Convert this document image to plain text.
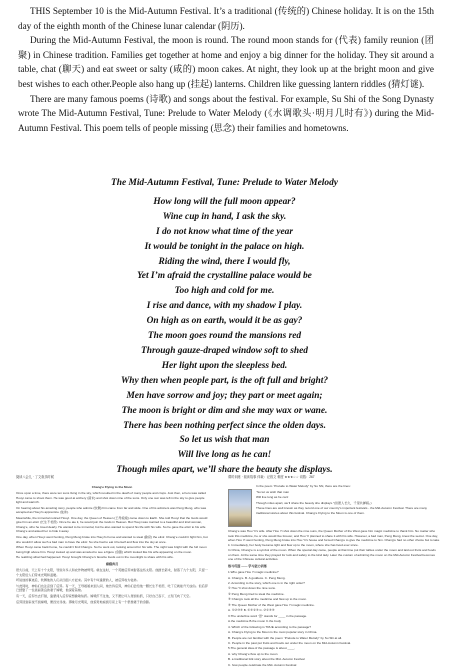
THIS September 10 is the Mid-Autumn Festival. It’s a traditional (传统的) Chinese holiday. It is on the 15th day of the eighth month of the Chinese lunar calendar (阴历).

During the Mid-Autumn Festival, the moon is round. The round moon stands for (代表) family reunion (团聚) in Chinese tradition. Families get together at home and enjoy a big dinner for the holiday. They sit around a table, chat (聊天) and eat sweet or salty (咸的) moon cakes. At night, they look up at the bright moon and give best wishes to each other.People also hang up (挂起) lanterns. Children like guessing lantern riddles (猜灯谜).

There are many famous poems (诗歌) and songs about the festival. For example, Su Shi of the Song Dynasty wrote The Mid-Autumn Festival, Tune: Prelude to Water Melody (《水调歌头·明月几时有》) during the Mid-Autumn Festival. This poem tells of people missing (思念) their families and hometowns.

The Mid-Autumn Festival, Tune: Prelude to Water Melody
How long will the full moon appear?
Wine cup in hand, I ask the sky.
I do not know what time of the year
It would be tonight in the palace on high.
Riding the wind, there I would fly,
Yet I’m afraid the crystalline palace would be
Too high and cold for me.
I rise and dance, with my shadow I play.
On high as on earth, would it be as gay?
The moon goes round the mansions red
Through gauze-draped window soft to shed
Her light upon the sleepless bed.
Why then when people part, is the oft full and bright?
Men have sorrow and joy; they part or meet again;
The moon is bright or dim and she may wax or wane.
There has been nothing perfect since the olden days.
So let us wish that man
Will live long as he can!
Though miles apart, we’ll share the beauty she displays.
阅读八会儿 · 了文欢乐时候
Chang’e Flying to the Moon

Once upon a time, there were ten suns living in the sky, which resulted in the death of many people and crops. Just then, a hero was called Houyi came to shoot them. He was good at archery (箭术) and shot down nine of the suns. Only one sun was left in the sky to give people light and warmth.

On hearing about his amazing story, people who admire (钦佩) him came from far and wide. One of his admirers was Peng Meng, who was accepted as Houyi’s apprentice (徒弟).

Meanwhile, the immortal noticed Houyi. One day, the Queen of Heaven (王母娘娘) came down to Earth. She told Houyi that the Gods would give him an elixir (长生不老药). Once he ate it, he would join the Gods in Heaven. But Houyi was married to a beautiful and kind woman, Chang’e, who he loved dearly. He wanted to be immortal, but he also wanted to spend his life with his wife. So he gave the elixir to his wife Chang’e and asked her to hide it away.

One day, when Houyi went hunting, Peng Meng broke into Houyi’s home and wanted to steal (偷窃) the elixir. Chang’e couldn’t fight him, but she wouldn’t allow such a bad man to have the elixir. So she had to eat it herself and flew into the sky at once.

When Houyi came back home, he couldn’t find Chang’e. So he went out, looking around for his wife. The night was bright with the full moon being high above him. Houyi looked up and was amazed to see a figure (身影) which looked like his wife appearing on the moon.

He realizing what had happened. Houyi brought Chang’e’s favorite foods out in the moonlight to share with his wife.

嫦娥奔月

很久以前，天上有十个太阳，导致许多人和农作物被烤死。就在这时，一个英雄后羿来射落这些太阳。他擅长箭术，射落了九个太阳，只留一个太阳给人们带来光明和温暖。

听说他的事迹后，钦佩他的人们从四面八方赶来。其中有个叫逢蒙的人，被后羿收为徒弟。

与此同时，神仙们也注意到了后羿。有一天，王母娘娘来到人间，她告诉后羿，神仙们会给他一颗长生不老药，吃了它就能升天成仙。但后羿已经娶了一位美丽善良的妻子嫦娥，他深爱着她。

有一天，后羿出去打猎，逢蒙闯入后羿家想偷取仙药。嫦娥打不过他，又不愿让坏人得到仙药，只好自己吞下，立刻飞向了天空。

后羿回到家找不到嫦娥，便四处寻找。那晚月光明亮，他惊奇地看到月亮上有一个很像妻子的身影。

课时训练 · 阅读故事 体裁：记叙文 难度 ★★★☆☆ 词数：267

In the poem “Prelude to Water Melody” by Su Shi, there are the lines:

“So let us wish that man

Will live long as he can!

Though miles apart, we’ll share the beauty she displays.”(但愿人长久，千里共婵娟。)

These lines are well known as they record one of our country’s important festivals - the Mid-Autumn Festival. There are many traditional stories about this festival. Chang’e Flying to the Moon is one of them.

Chang’e was Hou Yi’s wife. After Hou Yi shot down the nine suns, the Queen Mother of the West gave him magic medicine to thank him. No matter who took this medicine, he or she would live forever, and Hou Yi planned to share it with his wife. However, a bad man, Peng Meng, knew the secret. One day, when Hou Yi went hunting, Peng Meng broke into Hou Yi’s house and forced Chang’e to give the medicine to him. Chang’e had no other choice but to take it. Immediately, her body became light and flew up to the moon, where she has lived ever since.

In China, Chang’e is a symbol of the moon. When the special day came, people at that time put their tables under the moon and laid out fruits and foods on them. At the same time they prayed for luck and safety to the kind lady. Later the custom of admiring the moon on the Mid-Autumn Festival becomes one of the Chinese cultural activities.

练习巩固 —— 学习能力训练

1.Who gave Hou Yi magic medicine?

A. Chang’e. B. A goddess. C. Peng Meng.

2. According to the story, which one is in the right order?

① Hou Yi shot down the nine suns.

② Peng Meng tried to steal the medicine.

③ Chang’e took all the medicine and flew up to the moon.

④ The Queen Mother of the West gave Hou Yi magic medicine.

A. ①②③④ B. ①④②③ C. ②①④③

3.The underline word “祭” stands for ____ in the passage.

A.the medicine B.the moon C.the body

4. Which of the following is TRUE according to the passage?

A. Chang’e Flying to the Moon is the most popular story in China.

B. People are not familiar with the poem “Prelude to Water Melody” by Su Shi at all.

C. People in the past put fruits and foods out under the moon on the Mid-Autumn Festival.

5.The general idea of the passage is about ____.

A. why Chang’e flew up to the moon

B. a traditional folk story about the Mid- Autumn Festival

C. how people celebrate the Mid- Autumn Festival
